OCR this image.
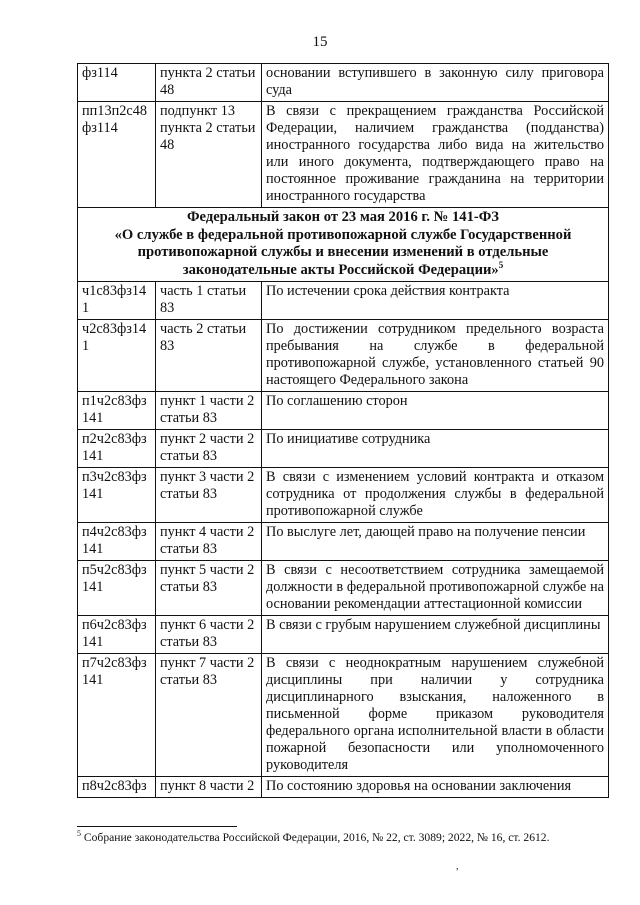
15
фз114	пункта 2 статьи 48	основании вступившего в законную силу приговора суда
пп13п2с48 фз114	подпункт 13 пункта 2 статьи 48	В связи с прекращением гражданства Российской Федерации, наличием гражданства (подданства) иностранного государства либо вида на жительство или иного документа, подтверждающего право на постоянное проживание гражданина на территории иностранного государства

Федеральный закон от 23 мая 2016 г. № 141-ФЗ
«О службе в федеральной противопожарной службе Государственной противопожарной службы и внесении изменений в отдельные законодательные акты Российской Федерации»$^5$

ч1с83фз141	часть 1 статьи 83	По истечении срока действия контракта
ч2с83фз141	часть 2 статьи 83	По достижении сотрудником предельного возраста пребывания на службе в федеральной противопожарной службе, установленного статьей 90 настоящего Федерального закона
п1ч2с83фз 141	пункт 1 части 2 статьи 83	По соглашению сторон
п2ч2с83фз 141	пункт 2 части 2 статьи 83	По инициативе сотрудника
п3ч2с83фз 141	пункт 3 части 2 статьи 83	В связи с изменением условий контракта и отказом сотрудника от продолжения службы в федеральной противопожарной службе
п4ч2с83фз 141	пункт 4 части 2 статьи 83	По выслуге лет, дающей право на получение пенсии
п5ч2с83фз 141	пункт 5 части 2 статьи 83	В связи с несоответствием сотрудника замещаемой должности в федеральной противопожарной службе на основании рекомендации аттестационной комиссии
п6ч2с83фз 141	пункт 6 части 2 статьи 83	В связи с грубым нарушением служебной дисциплины
п7ч2с83фз 141	пункт 7 части 2 статьи 83	В связи с неоднократным нарушением служебной дисциплины при наличии у сотрудника дисциплинарного взыскания, наложенного в письменной форме приказом руководителя федерального органа исполнительной власти в области пожарной безопасности или уполномоченного руководителя
п8ч2с83фз	пункт 8 части 2	По состоянию здоровья на основании заключения
$^5$ Собрание законодательства Российской Федерации, 2016, № 22, ст. 3089; 2022, № 16, ст. 2612.
,
